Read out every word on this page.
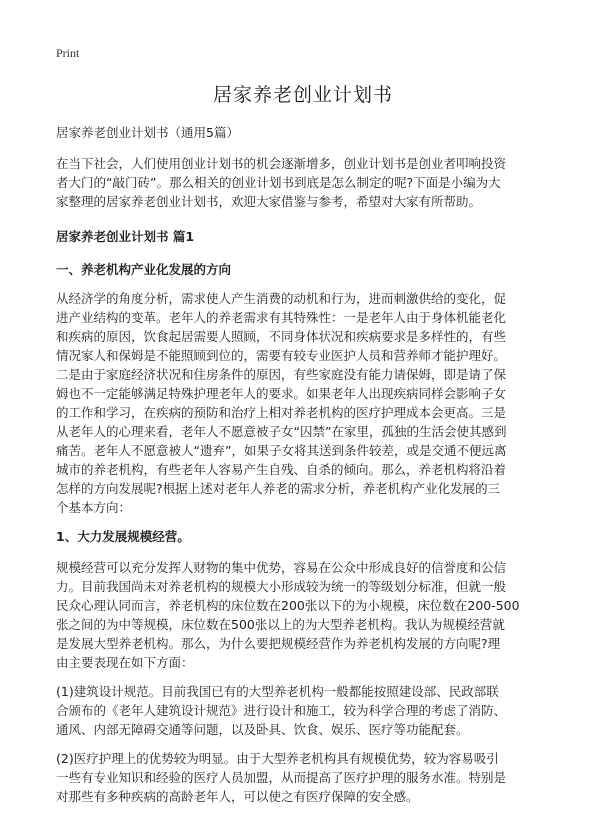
Print
居家养老创业计划书

居家养老创业计划书（通用5篇）

在当下社会，人们使用创业计划书的机会逐渐增多，创业计划书是创业者叩响投资
者大门的“敲门砖”。那么相关的创业计划书到底是怎么制定的呢?下面是小编为大
家整理的居家养老创业计划书，欢迎大家借鉴与参考，希望对大家有所帮助。

居家养老创业计划书 篇1

一、养老机构产业化发展的方向

从经济学的角度分析，需求使人产生消费的动机和行为，进而刺激供给的变化，促
进产业结构的变革。老年人的养老需求有其特殊性：一是老年人由于身体机能老化
和疾病的原因，饮食起居需要人照顾，不同身体状况和疾病要求是多样性的，有些
情况家人和保姆是不能照顾到位的，需要有较专业医护人员和营养师才能护理好。
二是由于家庭经济状况和住房条件的原因，有些家庭没有能力请保姆，即是请了保
姆也不一定能够满足特殊护理老年人的要求。如果老年人出现疾病同样会影响子女
的工作和学习，在疾病的预防和治疗上相对养老机构的医疗护理成本会更高。三是
从老年人的心理来看，老年人不愿意被子女“囚禁”在家里，孤独的生活会使其感到
痛苦。老年人不愿意被人“遗弃”，如果子女将其送到条件较差，或是交通不便远离
城市的养老机构，有些老年人容易产生自残、自杀的倾向。那么，养老机构将沿着
怎样的方向发展呢?根据上述对老年人养老的需求分析，养老机构产业化发展的三
个基本方向：

1、大力发展规模经营。

规模经营可以充分发挥人财物的集中优势，容易在公众中形成良好的信誉度和公信
力。目前我国尚未对养老机构的规模大小形成较为统一的等级划分标准，但就一般
民众心理认同而言，养老机构的床位数在200张以下的为小规模，床位数在200-500
张之间的为中等规模，床位数在500张以上的为大型养老机构。我认为规模经营就
是发展大型养老机构。那么，为什么要把规模经营作为养老机构发展的方向呢?理
由主要表现在如下方面：

(1)建筑设计规范。目前我国已有的大型养老机构一般都能按照建设部、民政部联
合颁布的《老年人建筑设计规范》进行设计和施工，较为科学合理的考虑了消防、
通风、内部无障碍交通等问题，以及卧具、饮食、娱乐、医疗等功能配套。

(2)医疗护理上的优势较为明显。由于大型养老机构具有规模优势，较为容易吸引
一些有专业知识和经验的医疗人员加盟，从而提高了医疗护理的服务水准。特别是
对那些有多种疾病的高龄老年人，可以使之有医疗保障的安全感。
